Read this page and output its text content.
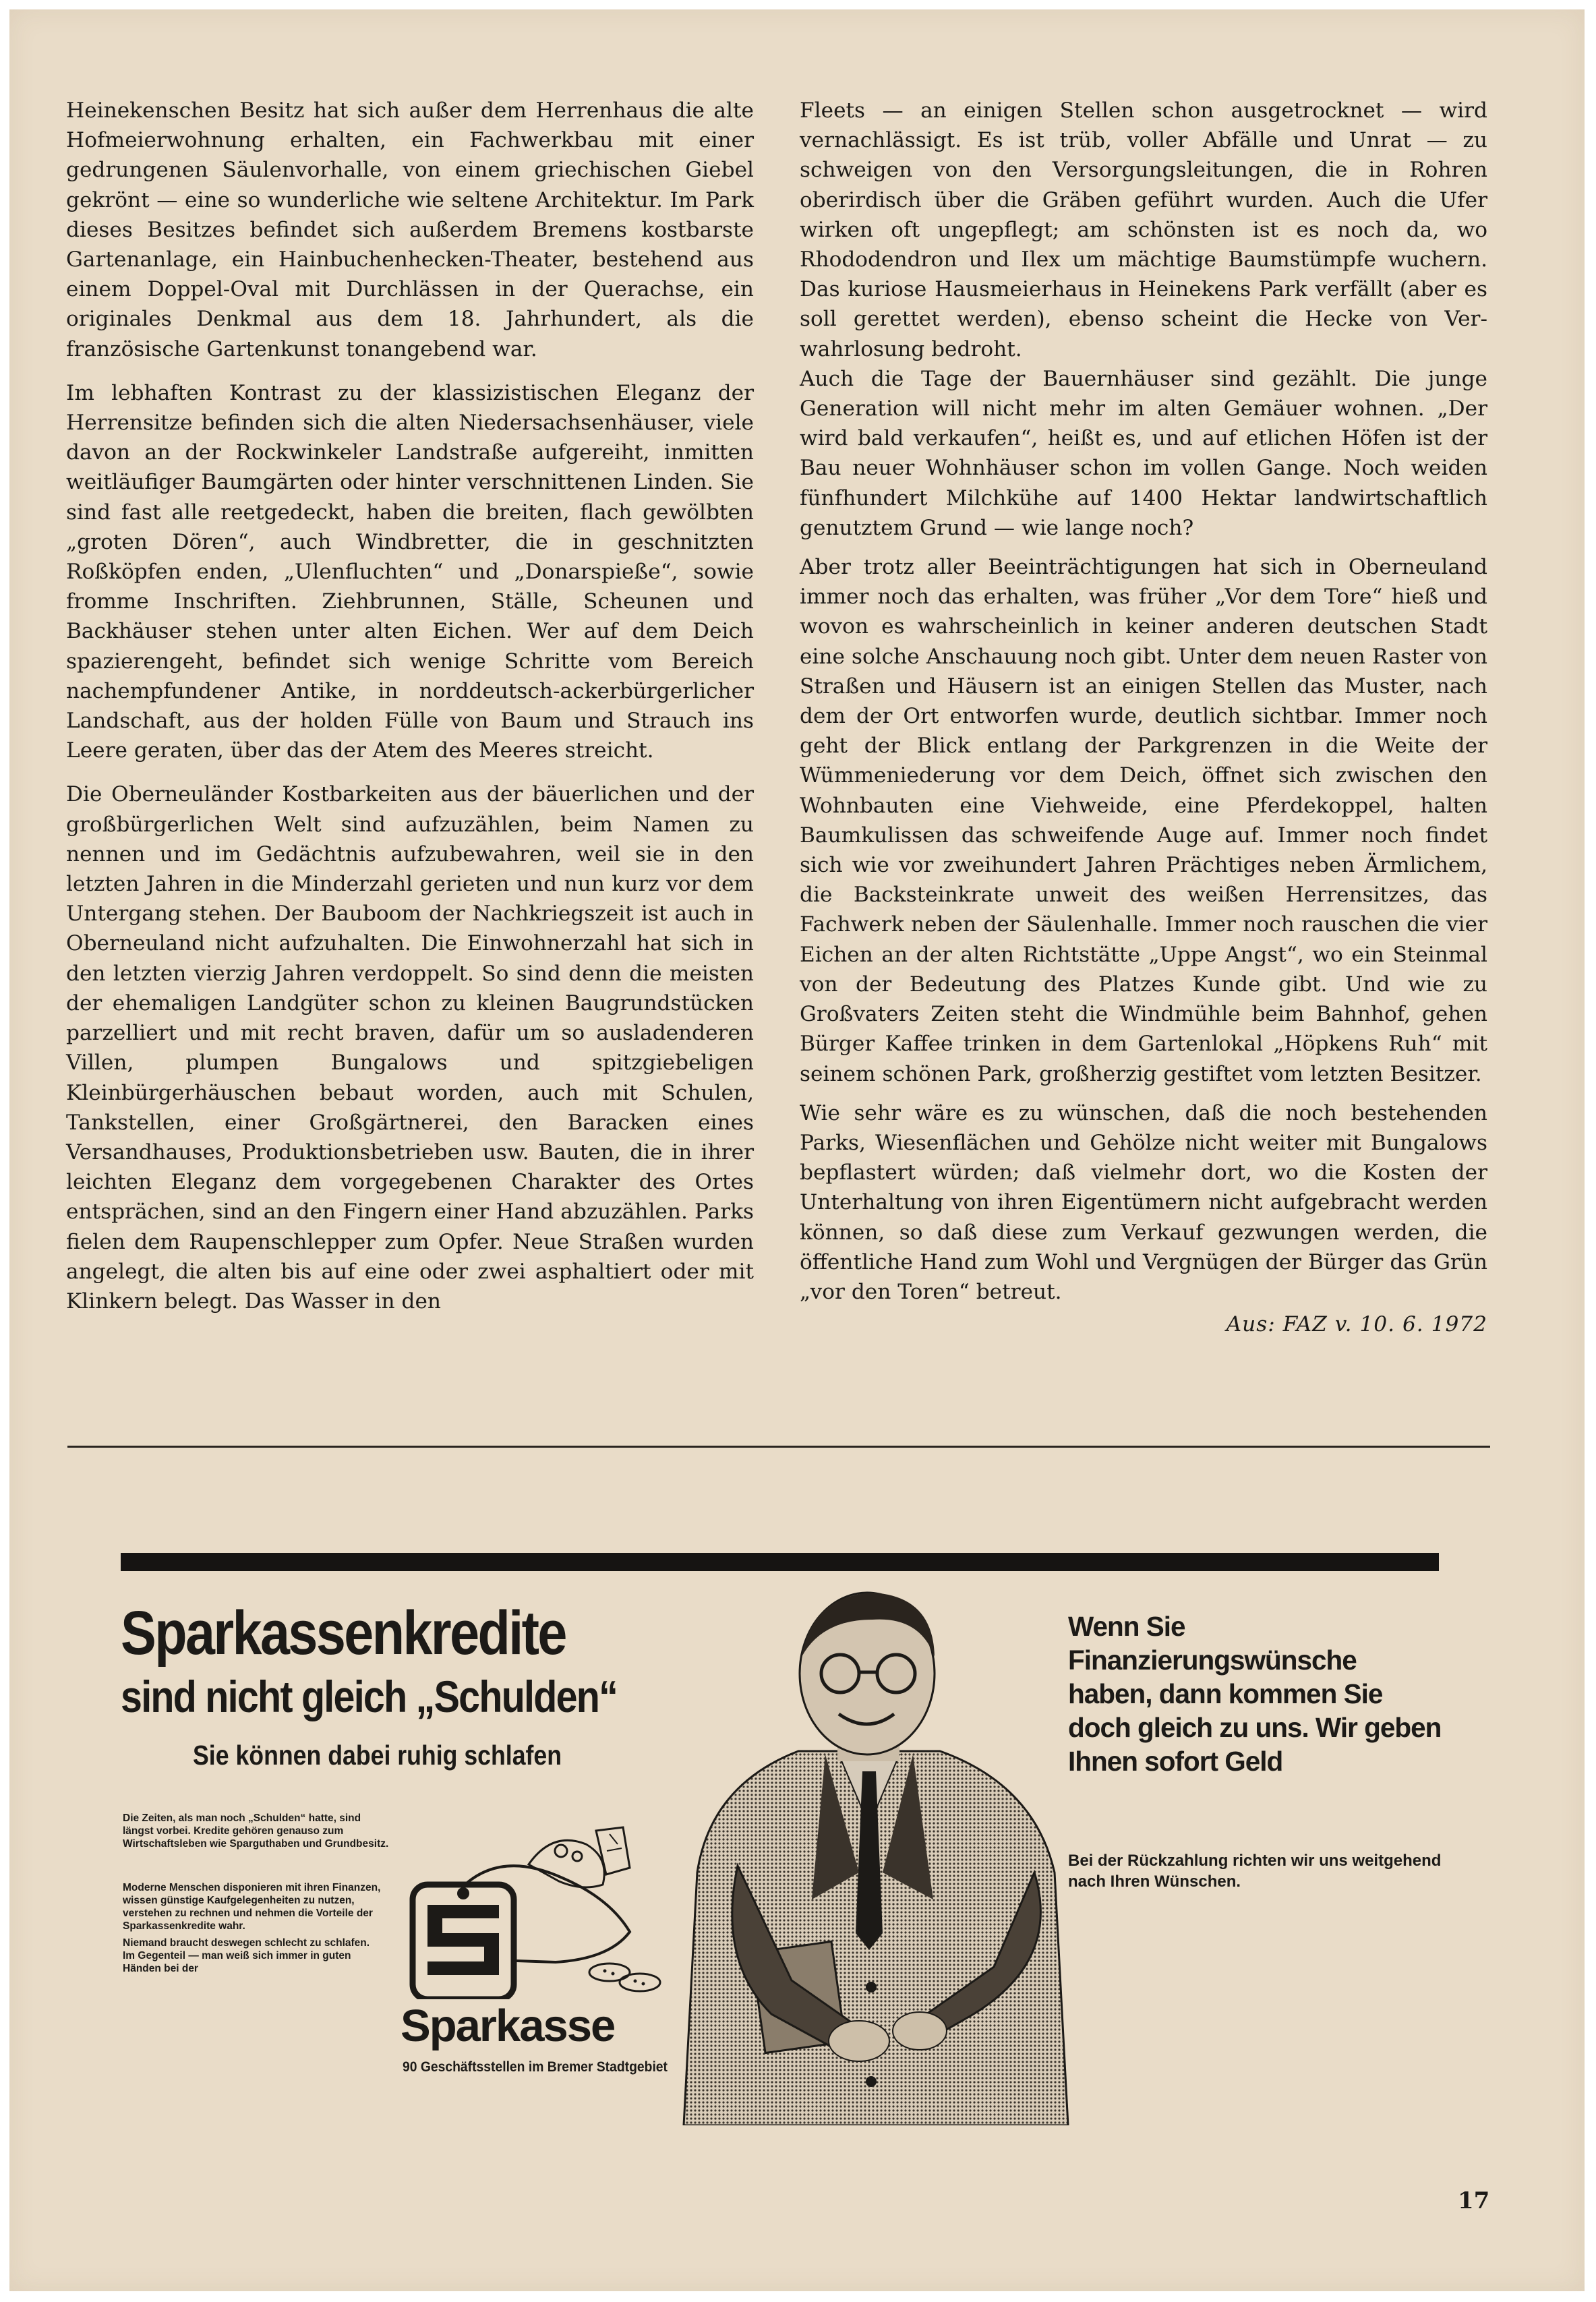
Heinekenschen Besitz hat sich außer dem Herrenhaus die alte Hofmeierwohnung erhalten, ein Fachwerkbau mit einer gedrungenen Säulenvorhalle, von einem griechischen Giebel gekrönt — eine so wunderliche wie seltene Architektur. Im Park dieses Besitzes befindet sich außerdem Bremens kostbarste Gartenanlage, ein Hainbuchenhecken-Theater, bestehend aus einem Doppel-Oval mit Durchlässen in der Querachse, ein originales Denkmal aus dem 18. Jahrhundert, als die französische Gartenkunst tonangebend war.

Im lebhaften Kontrast zu der klassizistischen Eleganz der Herrensitze befinden sich die alten Niedersachsenhäuser, viele davon an der Rockwinkeler Landstraße aufgereiht, inmitten weitläufiger Baumgärten oder hinter verschnittenen Linden. Sie sind fast alle reetgedeckt, haben die breiten, flach gewölbten „groten Dören“, auch Windbretter, die in geschnitzten Roßköpfen enden, „Ulenfluchten“ und „Donarspieße“, sowie fromme Inschriften. Ziehbrunnen, Ställe, Scheunen und Backhäuser stehen unter alten Eichen. Wer auf dem Deich spazierengeht, befindet sich wenige Schritte vom Bereich nachempfundener Antike, in norddeutsch-ackerbürgerlicher Landschaft, aus der holden Fülle von Baum und Strauch ins Leere geraten, über das der Atem des Meeres streicht.

Die Oberneuländer Kostbarkeiten aus der bäuerlichen und der großbürgerlichen Welt sind aufzuzählen, beim Namen zu nennen und im Gedächtnis aufzubewahren, weil sie in den letzten Jahren in die Minderzahl gerieten und nun kurz vor dem Untergang stehen. Der Bauboom der Nachkriegszeit ist auch in Oberneuland nicht aufzuhalten. Die Einwohnerzahl hat sich in den letzten vierzig Jahren verdoppelt. So sind denn die meisten der ehemaligen Landgüter schon zu kleinen Baugrundstücken parzelliert und mit recht braven, dafür um so ausladenderen Villen, plumpen Bungalows und spitzgiebeligen Kleinbürgerhäuschen bebaut worden, auch mit Schulen, Tankstellen, einer Großgärtnerei, den Baracken eines Versandhauses, Produktionsbetrieben usw. Bauten, die in ihrer leichten Eleganz dem vorgegebenen Charakter des Ortes entsprächen, sind an den Fingern einer Hand abzuzählen. Parks fielen dem Raupenschlepper zum Opfer. Neue Straßen wurden angelegt, die alten bis auf eine oder zwei asphaltiert oder mit Klinkern belegt. Das Wasser in den

Fleets — an einigen Stellen schon ausgetrocknet — wird vernachlässigt. Es ist trüb, voller Abfälle und Unrat — zu schweigen von den Versorgungsleitungen, die in Rohren oberirdisch über die Gräben geführt wurden. Auch die Ufer wirken oft ungepflegt; am schönsten ist es noch da, wo Rhododendron und Ilex um mächtige Baumstümpfe wuchern. Das kuriose Hausmeierhaus in Heinekens Park verfällt (aber es soll gerettet werden), ebenso scheint die Hecke von Verwahrlosung bedroht.

Auch die Tage der Bauernhäuser sind gezählt. Die junge Generation will nicht mehr im alten Gemäuer wohnen. „Der wird bald verkaufen“, heißt es, und auf etlichen Höfen ist der Bau neuer Wohnhäuser schon im vollen Gange. Noch weiden fünfhundert Milchkühe auf 1400 Hektar landwirtschaftlich genutztem Grund — wie lange noch?

Aber trotz aller Beeinträchtigungen hat sich in Oberneuland immer noch das erhalten, was früher „Vor dem Tore“ hieß und wovon es wahrscheinlich in keiner anderen deutschen Stadt eine solche Anschauung noch gibt. Unter dem neuen Raster von Straßen und Häusern ist an einigen Stellen das Muster, nach dem der Ort entworfen wurde, deutlich sichtbar. Immer noch geht der Blick entlang der Parkgrenzen in die Weite der Wümmeniederung vor dem Deich, öffnet sich zwischen den Wohnbauten eine Viehweide, eine Pferdekoppel, halten Baumkulissen das schweifende Auge auf. Immer noch findet sich wie vor zweihundert Jahren Prächtiges neben Ärmlichem, die Backsteinkrate unweit des weißen Herrensitzes, das Fachwerk neben der Säulenhalle. Immer noch rauschen die vier Eichen an der alten Richtstätte „Uppe Angst“, wo ein Steinmal von der Bedeutung des Platzes Kunde gibt. Und wie zu Großvaters Zeiten steht die Windmühle beim Bahnhof, gehen Bürger Kaffee trinken in dem Gartenlokal „Höpkens Ruh“ mit seinem schönen Park, großherzig gestiftet vom letzten Besitzer.

Wie sehr wäre es zu wünschen, daß die noch bestehenden Parks, Wiesenflächen und Gehölze nicht weiter mit Bungalows bepflastert würden; daß vielmehr dort, wo die Kosten der Unterhaltung von ihren Eigentümern nicht aufgebracht werden können, so daß diese zum Verkauf gezwungen werden, die öffentliche Hand zum Wohl und Vergnügen der Bürger das Grün „vor den Toren“ betreut.

Aus: FAZ v. 10. 6. 1972

Sparkassenkredite
sind nicht gleich „Schulden“
Sie können dabei ruhig schlafen
Die Zeiten, als man noch „Schulden“ hatte, sind längst vorbei. Kredite gehören genauso zum Wirtschaftsleben wie Sparguthaben und Grundbesitz.
Moderne Menschen disponieren mit ihren Finanzen, wissen günstige Kaufgelegenheiten zu nutzen, verstehen zu rechnen und nehmen die Vorteile der Sparkassenkredite wahr.
Niemand braucht deswegen schlecht zu schlafen. Im Gegenteil — man weiß sich immer in guten Händen bei der
Sparkasse
90 Geschäftsstellen im Bremer Stadtgebiet
Wenn Sie Finanzierungswünsche haben, dann kommen Sie doch gleich zu uns. Wir geben Ihnen sofort Geld
Bei der Rückzahlung richten wir uns weitgehend nach Ihren Wünschen.
17
